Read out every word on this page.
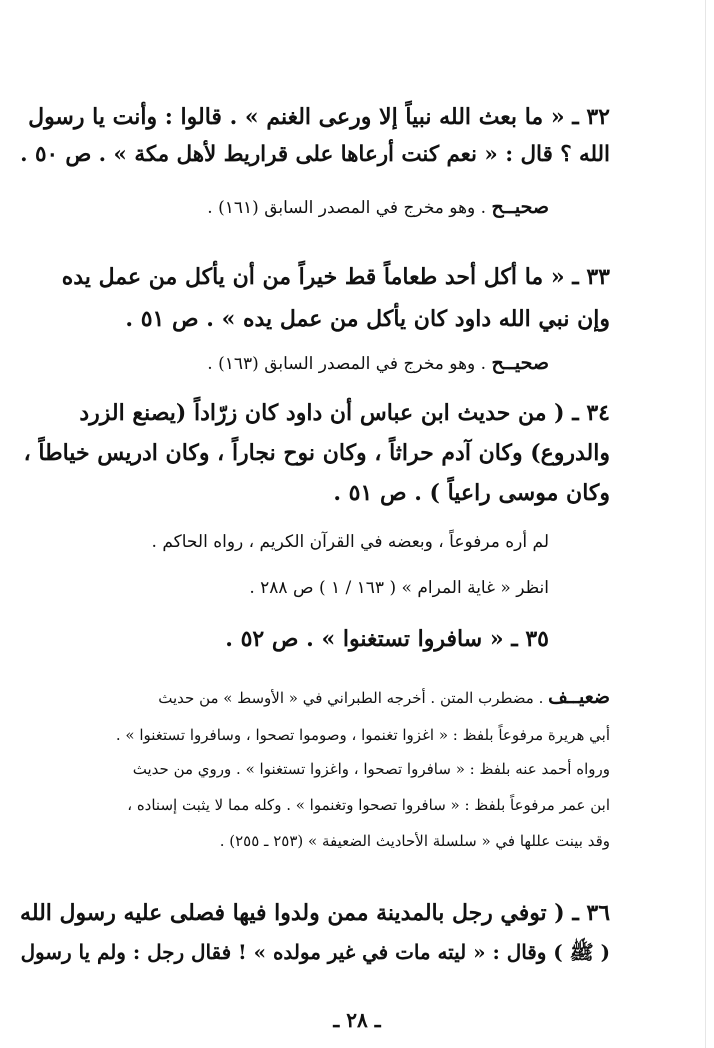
٣٢ ـ « ما بعث الله نبياً إلا ورعى الغنم » . قالوا : وأنت يا رسول
الله ؟ قال : « نعم كنت أرعاها على قراريط لأهل مكة » . ص ٥٠ .
صحيــح . وهو مخرج في المصدر السابق (١٦١) .
٣٣ ـ « ما أكل أحد طعاماً قط خيراً من أن يأكل من عمل يده
وإن نبي الله داود كان يأكل من عمل يده » . ص ٥١ .
صحيــح . وهو مخرج في المصدر السابق (١٦٣) .
٣٤ ـ ( من حديث ابن عباس أن داود كان زرّاداً (يصنع الزرد
والدروع) وكان آدم حراثاً ، وكان نوح نجاراً ، وكان ادريس خياطاً ،
وكان موسى راعياً ) . ص ٥١ .
لم أره مرفوعاً ، وبعضه في القرآن الكريم ، رواه الحاكم .
انظر « غاية المرام » ( ١٦٣ / ١ ) ص ٢٨٨ .
٣٥ ـ « سافروا تستغنوا » . ص ٥٢ .
ضعيــف . مضطرب المتن . أخرجه الطبراني في « الأوسط » من حديث
أبي هريرة مرفوعاً بلفظ : « اغزوا تغنموا ، وصوموا تصحوا ، وسافروا تستغنوا » .
ورواه أحمد عنه بلفظ : « سافروا تصحوا ، واغزوا تستغنوا » . وروي من حديث
ابن عمر مرفوعاً بلفظ : « سافروا تصحوا وتغنموا » . وكله مما لا يثبت إسناده ،
وقد بينت عللها في « سلسلة الأحاديث الضعيفة » (٢٥٣ ـ ٢٥٥) .
٣٦ ـ ( توفي رجل بالمدينة ممن ولدوا فيها فصلى عليه رسول الله
( ﷺ ) وقال : « ليته مات في غير مولده » ! فقال رجل : ولم يا رسول
ـ ٢٨ ـ
